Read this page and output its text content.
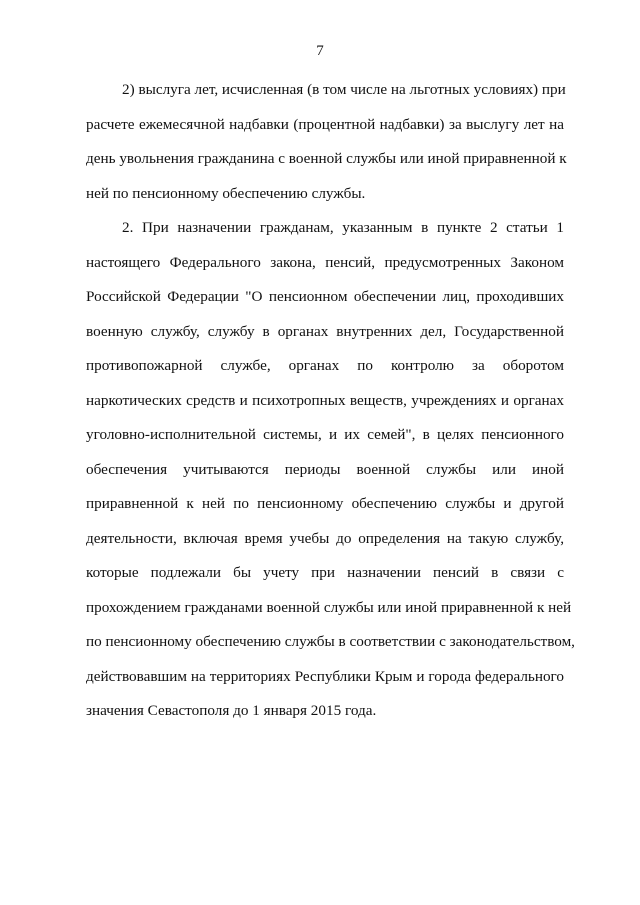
7
2) выслуга лет, исчисленная (в том числе на льготных условиях) при
расчете ежемесячной надбавки (процентной надбавки) за выслугу лет на
день увольнения гражданина с военной службы или иной приравненной к
ней по пенсионному обеспечению службы.
2. При назначении гражданам, указанным в пункте 2 статьи 1
настоящего Федерального закона, пенсий, предусмотренных Законом
Российской Федерации "О пенсионном обеспечении лиц, проходивших
военную службу, службу в органах внутренних дел, Государственной
противопожарной службе, органах по контролю за оборотом
наркотических средств и психотропных веществ, учреждениях и органах
уголовно-исполнительной системы, и их семей", в целях пенсионного
обеспечения учитываются периоды военной службы или иной
приравненной к ней по пенсионному обеспечению службы и другой
деятельности, включая время учебы до определения на такую службу,
которые подлежали бы учету при назначении пенсий в связи с
прохождением гражданами военной службы или иной приравненной к ней
по пенсионному обеспечению службы в соответствии с законодательством,
действовавшим на территориях Республики Крым и города федерального
значения Севастополя до 1 января 2015 года.
